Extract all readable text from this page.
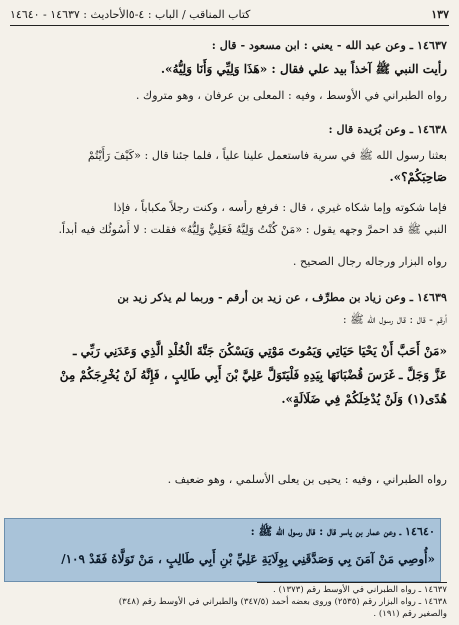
١٣٧
كتاب المناقب / الباب : ٤-٥الأحاديث : ١٤٦٣٧ - ١٤٦٤٠
١٤٦٣٧ ـ وعن عبد الله - يعني : ابن مسعود - قال :
رأيت النبي ﷺ آخذاً بيد علي فقال : «هَذَا وَلِيِّي وَأَنَا وَلِيُّهُ».
رواه الطبراني في الأوسط ، وفيه : المعلى بن عرفان ، وهو متروك .
١٤٦٣٨ ـ وعن بُرَيدة قال :
بعثنا رسول الله ﷺ في سرية فاستعمل علينا علياً ، فلما جئنا قال : «كَيْفَ رَأَيْتُمْ
صَاحِبَكُمْ؟».
فإما شكوته وإما شكاه غيري ، قال : فرفع رأسه ، وكنت رجلاً مكباباً ، فإذا
النبي ﷺ قد احمرَّ وجهه يقول : «مَنْ كُنْتُ وَلِيَّهُ فَعَلِيٌّ وَلِيُّهُ» فقلت : لا أَسُوئُك فيه أبداً.
رواه البزار ورجاله رجال الصحيح .
١٤٦٣٩ ـ وعن زياد بن مطرِّف ، عن زيد بن أرقم - وربما لم يذكر زيد بن
أرقم - قال : قال رسول الله ﷺ :
«مَنْ أَحَبَّ أَنْ يَحْيَا حَيَاتِي وَيَمُوتَ مَوْتِي وَيَسْكُنَ جَنَّةَ الْخُلْدِ الَّذِي وَعَدَنِي رَبِّي ـ
عَزَّ وَجَلَّ ـ غَرَسَ قُضْبَانَهَا بِيَدِهِ فَلْيَتَوَلَّ عَلِيَّ بْنَ أَبِي طَالِبٍ ، فَإِنَّهُ لَنْ يُخْرِجَكُمْ مِنْ
هُدًى(١) وَلَنْ يُدْخِلَكُمْ فِي ضَلَالَةٍ».
رواه الطبراني ، وفيه : يحيى بن يعلى الأسلمي ، وهو ضعيف .
١٤٦٤٠ ـ وعن عمار بن ياسر قال : قال رسول الله ﷺ :
«أُوصِي مَنْ آمَنَ بِي وَصَدَّقَنِي بِوِلَايَةِ عَلِيِّ بْنِ أَبِي طَالِبٍ ، مَنْ تَوَلَّاهُ فَقَدْ ١٠٩/
١٤٦٣٧ ـ رواه الطبراني في الأوسط رقم (١٣٧٣) .
١٤٦٣٨ ـ رواه البزار رقم (٢٥٣٥) وروى بعضه أحمد (٣٤٧/٥) والطبراني في الأوسط رقم (٣٤٨)
والصغير رقم (١٩١) .
